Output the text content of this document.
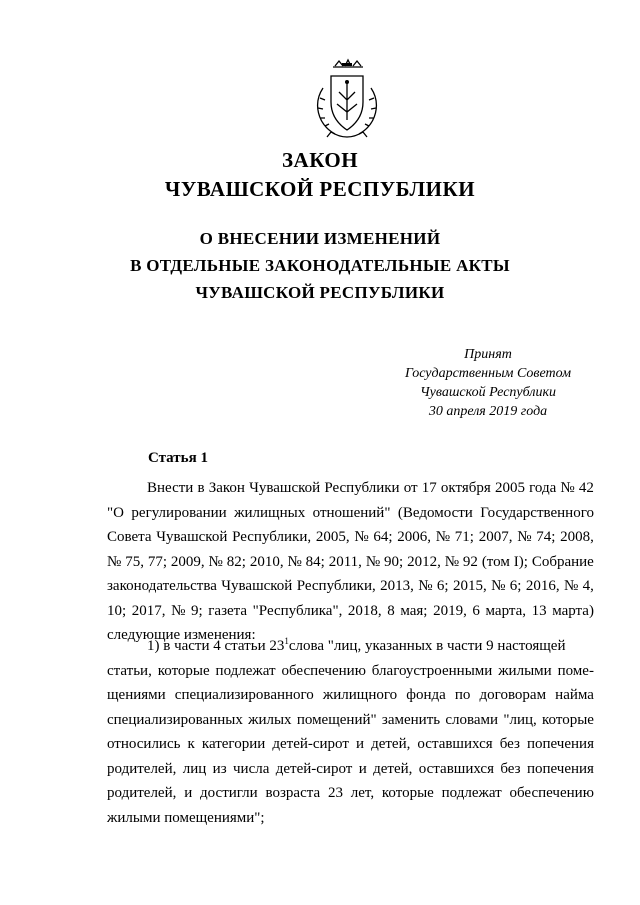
ЗАКОН
ЧУВАШСКОЙ РЕСПУБЛИКИ
О ВНЕСЕНИИ ИЗМЕНЕНИЙ
В ОТДЕЛЬНЫЕ ЗАКОНОДАТЕЛЬНЫЕ АКТЫ
ЧУВАШСКОЙ РЕСПУБЛИКИ
Принят
Государственным Советом
Чувашской Республики
30 апреля 2019 года
Статья 1
Внести в Закон Чувашской Республики от 17 октября 2005 года № 42
"О регулировании жилищных отношений" (Ведомости Государственного
Совета Чувашской Республики, 2005, № 64; 2006, № 71; 2007, № 74; 2008,
№ 75, 77; 2009, № 82; 2010, № 84; 2011, № 90; 2012, № 92 (том I); Собрание
законодательства Чувашской Республики, 2013, № 6; 2015, № 6; 2016, № 4,
10; 2017, № 9; газета "Республика", 2018, 8 мая; 2019, 6 марта, 13 марта)
следующие изменения:
1) в части 4 статьи $23^1слова$ "лиц, указанных в части 9 настоящей
статьи, которые подлежат обеспечению благоустроенными жилыми поме-
щениями специализированного жилищного фонда по договорам найма
специализированных жилых помещений" заменить словами "лиц, которые
относились к категории детей-сирот и детей, оставшихся без попечения
родителей, лиц из числа детей-сирот и детей, оставшихся без попечения
родителей, и достигли возраста 23 лет, которые подлежат обеспечению
жилыми помещениями";
